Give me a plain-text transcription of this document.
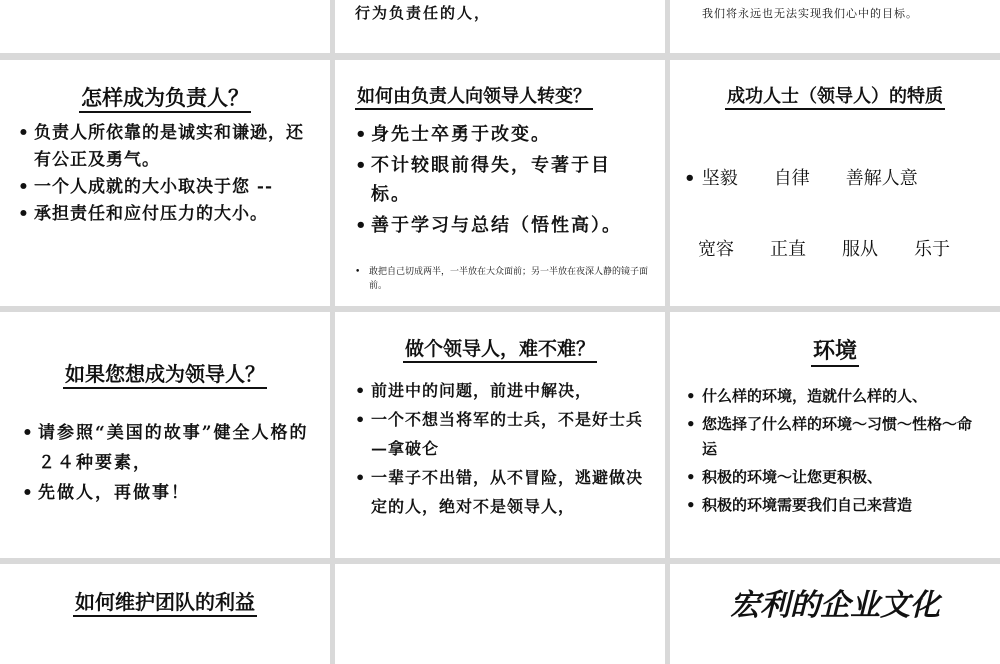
行为负责任的人，	我们将永远也无法实现我们心中的目标。
怎样成为负责人？
• 负责人所依靠的是诚实和谦逊，还有公正及勇气。
• 一个人成就的大小取决于您 --
• 承担责任和应付压力的大小。
如何由负责人向领导人转变？
• 身先士卒勇于改变。
• 不计较眼前得失，专著于目标。
• 善于学习与总结（悟性高）。
• 敢把自己切成两半，一半放在大众面前；另一半放在夜深人静的镜子面前。
成功人士（领导人）的特质

• 坚毅　　自律　　善解人意

宽容　　正直　　服从　　乐于

如果您想成为领导人？
• 请参照“美国的故事”健全人格的２４种要素，
• 先做人，再做事！
做个领导人，难不难？
• 前进中的问题，前进中解决，
• 一个不想当将军的士兵，不是好士兵—拿破仑
• 一辈子不出错，从不冒险，逃避做决定的人，绝对不是领导人，
环境
• 什么样的环境，造就什么样的人、
• 您选择了什么样的环境～习惯～性格～命运
• 积极的环境～让您更积极、
• 积极的环境需要我们自己来营造
如何维护团队的利益	宏利的企业文化
